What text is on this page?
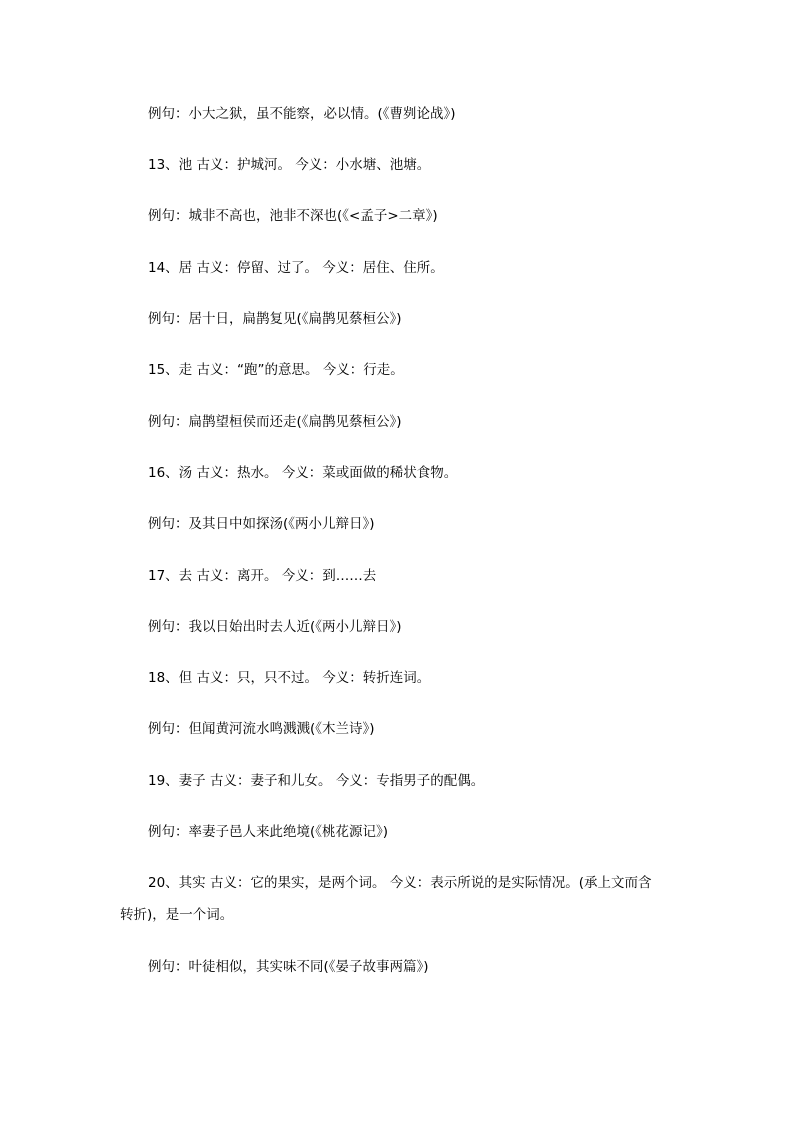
例句：小大之狱，虽不能察，必以情。(《曹刿论战》)
13、池 古义：护城河。 今义：小水塘、池塘。
例句：城非不高也，池非不深也(《<孟子>二章》)
14、居 古义：停留、过了。 今义：居住、住所。
例句：居十日，扁鹊复见(《扁鹊见蔡桓公》)
15、走 古义：“跑”的意思。 今义：行走。
例句：扁鹊望桓侯而还走(《扁鹊见蔡桓公》)
16、汤 古义：热水。 今义：菜或面做的稀状食物。
例句：及其日中如探汤(《两小儿辩日》)
17、去 古义：离开。 今义：到……去
例句：我以日始出时去人近(《两小儿辩日》)
18、但 古义：只，只不过。 今义：转折连词。
例句：但闻黄河流水鸣溅溅(《木兰诗》)
19、妻子 古义：妻子和儿女。 今义：专指男子的配偶。
例句：率妻子邑人来此绝境(《桃花源记》)
20、其实 古义：它的果实，是两个词。 今义：表示所说的是实际情况。(承上文而含
转折)，是一个词。
例句：叶徒相似，其实味不同(《晏子故事两篇》)
